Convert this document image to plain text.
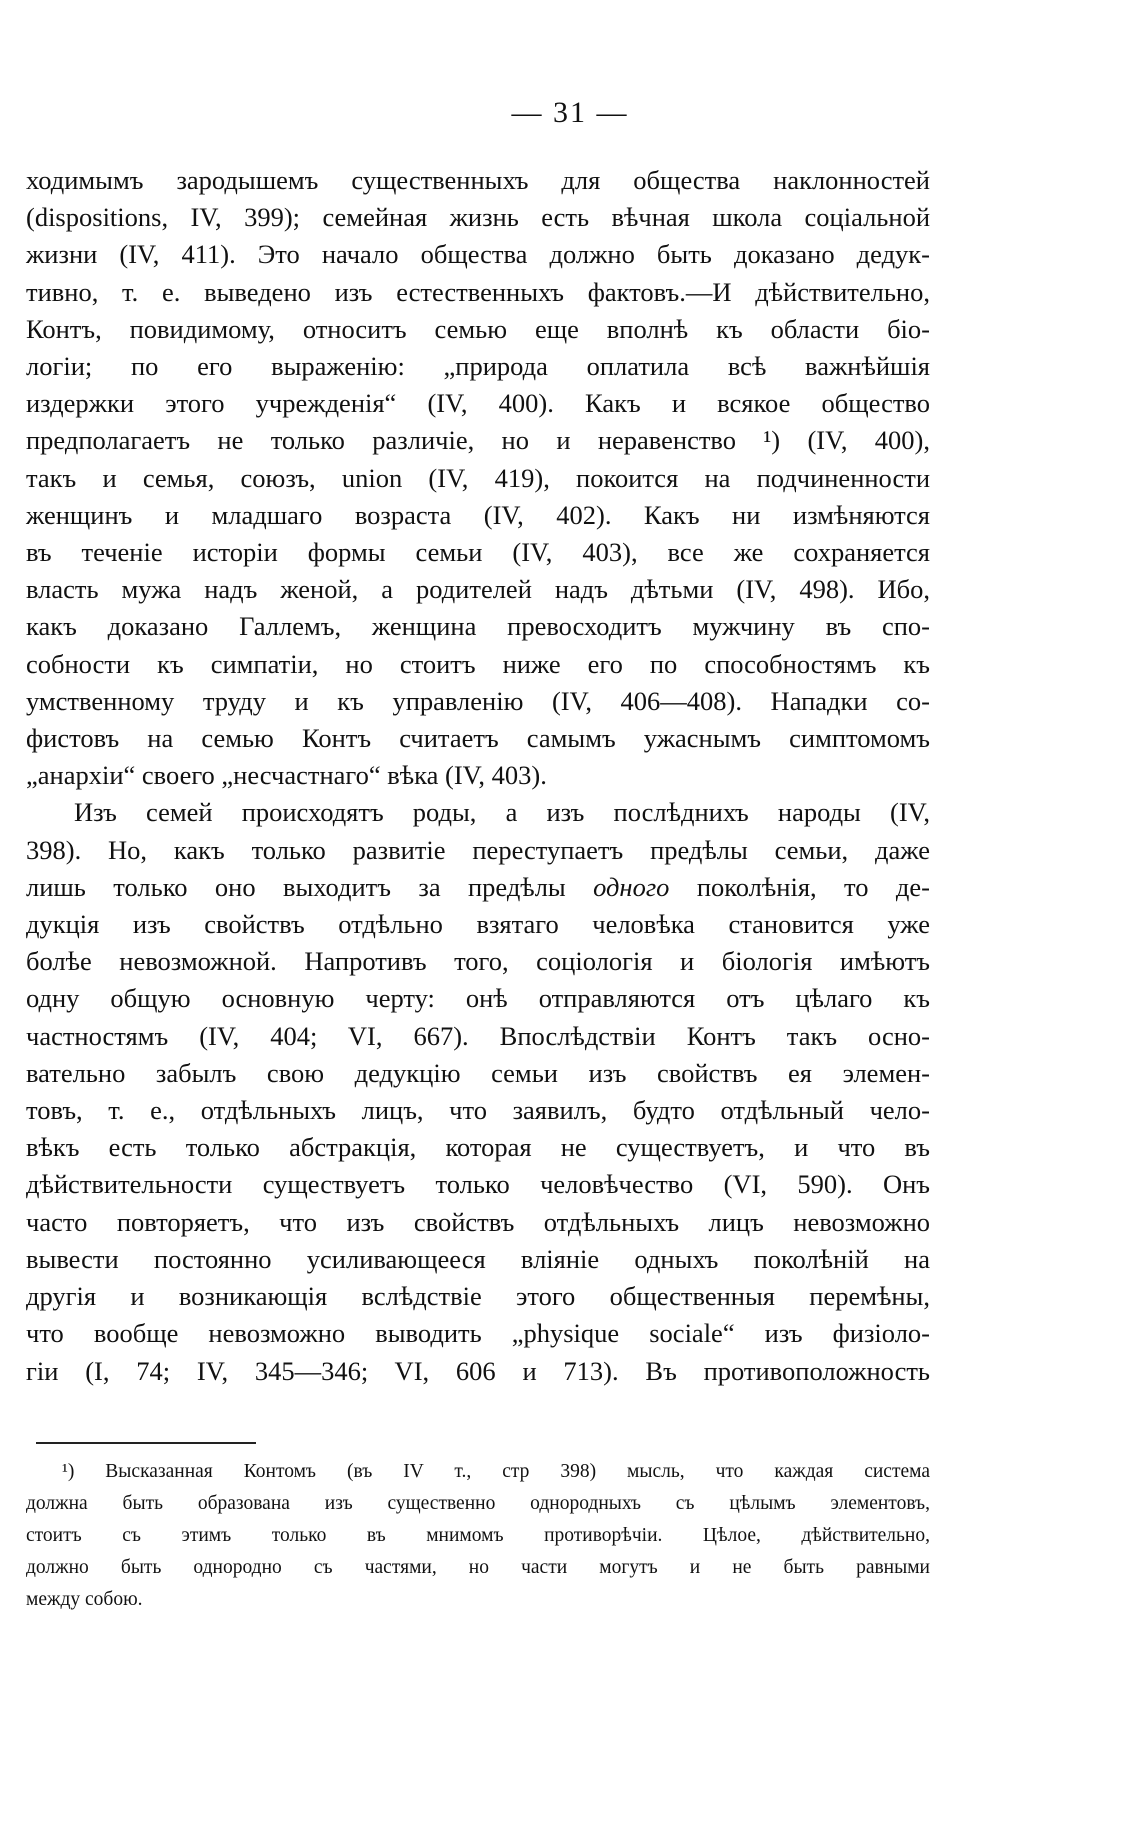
— 31 —
ходимымъ зародышемъ существенныхъ для общества наклонностей
(dispositions, IV, 399); семейная жизнь есть вѣчная школа соціальной
жизни (IV, 411). Это начало общества должно быть доказано дедук-
тивно, т. е. выведено изъ естественныхъ фактовъ.—И дѣйствительно,
Контъ, повидимому, относитъ семью еще вполнѣ къ области біо-
логіи; по его выраженію: „природа оплатила всѣ важнѣйшія
издержки этого учрежденія“ (IV, 400). Какъ и всякое общество
предполагаетъ не только различіе, но и неравенство ¹) (IV, 400),
такъ и семья, союзъ, union (IV, 419), покоится на подчиненности
женщинъ и младшаго возраста (IV, 402). Какъ ни измѣняются
въ теченіе исторіи формы семьи (IV, 403), все же сохраняется
власть мужа надъ женой, а родителей надъ дѣтьми (IV, 498). Ибо,
какъ доказано Галлемъ, женщина превосходитъ мужчину въ спо-
собности къ симпатіи, но стоитъ ниже его по способностямъ къ
умственному труду и къ управленію (IV, 406—408). Нападки со-
фистовъ на семью Контъ считаетъ самымъ ужаснымъ симптомомъ
„анархіи“ своего „несчастнаго“ вѣка (IV, 403).
Изъ семей происходятъ роды, а изъ послѣднихъ народы (IV,
398). Но, какъ только развитіе переступаетъ предѣлы семьи, даже
лишь только оно выходитъ за предѣлы одного поколѣнія, то де-
дукція изъ свойствъ отдѣльно взятаго человѣка становится уже
болѣе невозможной. Напротивъ того, соціологія и біологія имѣютъ
одну общую основную черту: онѣ отправляются отъ цѣлаго къ
частностямъ (IV, 404; VI, 667). Впослѣдствіи Контъ такъ осно-
вательно забылъ свою дедукцію семьи изъ свойствъ ея элемен-
товъ, т. е., отдѣльныхъ лицъ, что заявилъ, будто отдѣльный чело-
вѣкъ есть только абстракція, которая не существуетъ, и что въ
дѣйствительности существуетъ только человѣчество (VI, 590). Онъ
часто повторяетъ, что изъ свойствъ отдѣльныхъ лицъ невозможно
вывести постоянно усиливающееся вліяніе одныхъ поколѣній на
другія и возникающія вслѣдствіе этого общественныя перемѣны,
что вообще невозможно выводить „physique sociale“ изъ физіоло-
гіи (I, 74; IV, 345—346; VI, 606 и 713). Въ противоположность
¹) Высказанная Контомъ (въ IV т., стр 398) мысль, что каждая система
должна быть образована изъ существенно однородныхъ съ цѣлымъ элементовъ,
стоитъ съ этимъ только въ мнимомъ противорѣчіи. Цѣлое, дѣйствительно,
должно быть однородно съ частями, но части могутъ и не быть равными
между собою.
